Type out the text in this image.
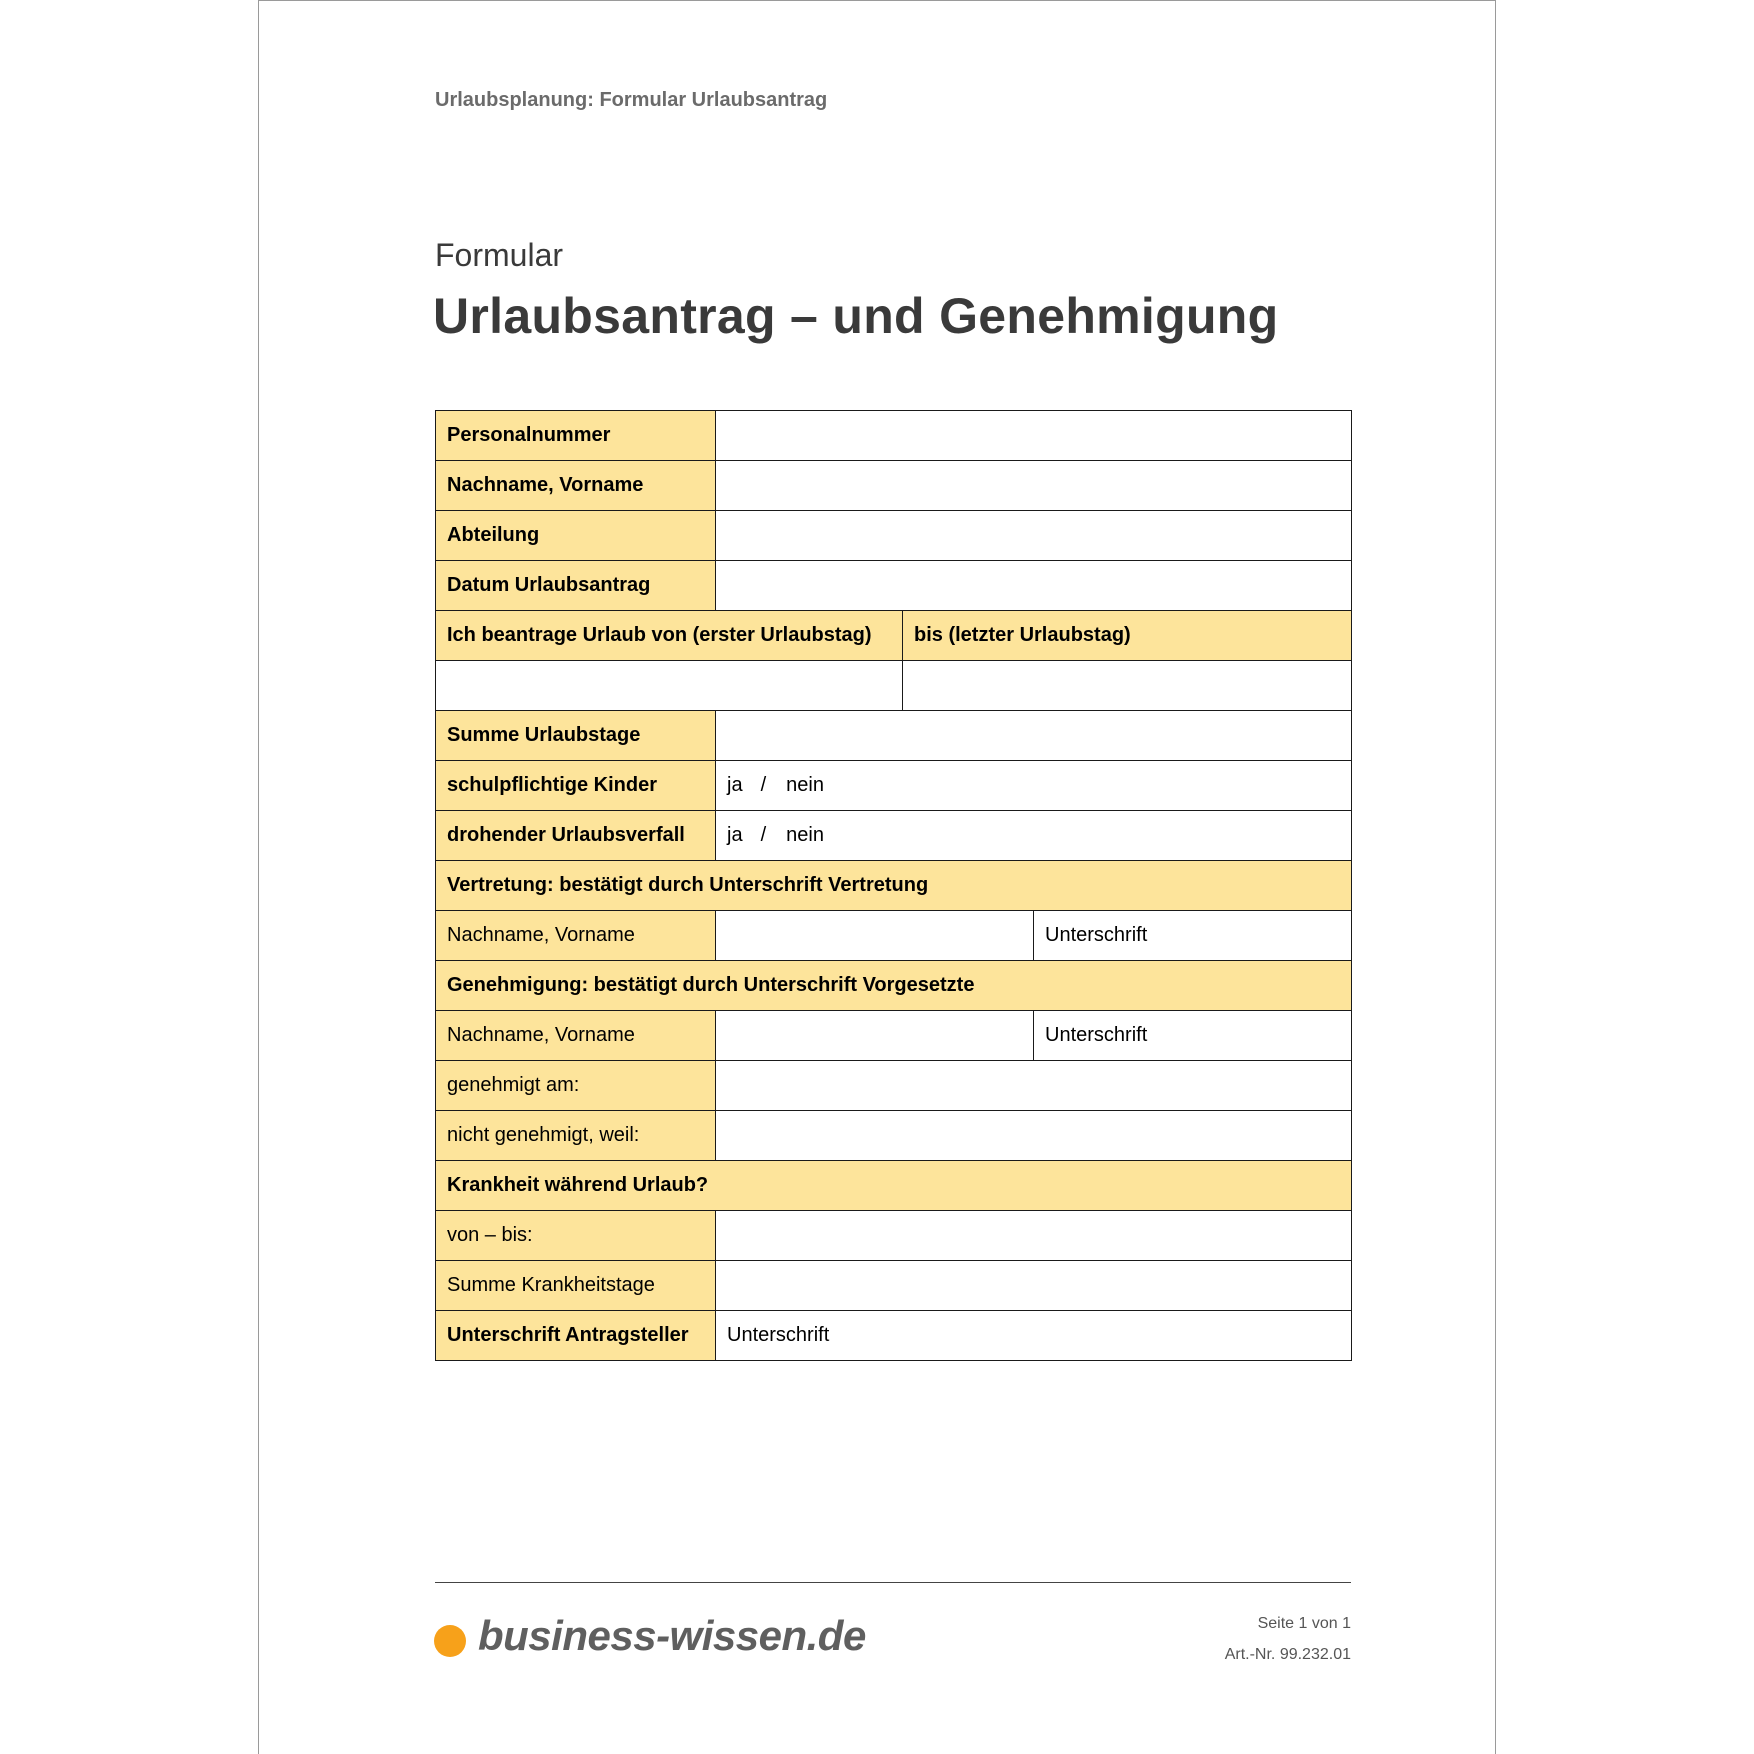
Urlaubsplanung: Formular Urlaubsantrag
Formular
Urlaubsantrag – und Genehmigung
Personalnummer			
Nachname, Vorname			
Abteilung			
Datum Urlaubsantrag			
Ich beantrage Urlaub von (erster Urlaubstag)		bis (letzter Urlaubstag)	

Summe Urlaubstage			
schulpflichtige Kinder	ja / nein		
drohender Urlaubsverfall	ja / nein		
Vertretung: bestätigt durch Unterschrift Vertretung			
Nachname, Vorname			Unterschrift
Genehmigung: bestätigt durch Unterschrift Vorgesetzte			
Nachname, Vorname			Unterschrift
genehmigt am:			
nicht genehmigt, weil:			
Krankheit während Urlaub?			
von – bis:			
Summe Krankheitstage			
Unterschrift Antragsteller	Unterschrift		
business-wissen.de	Seite 1 von 1
Art.-Nr. 99.232.01
